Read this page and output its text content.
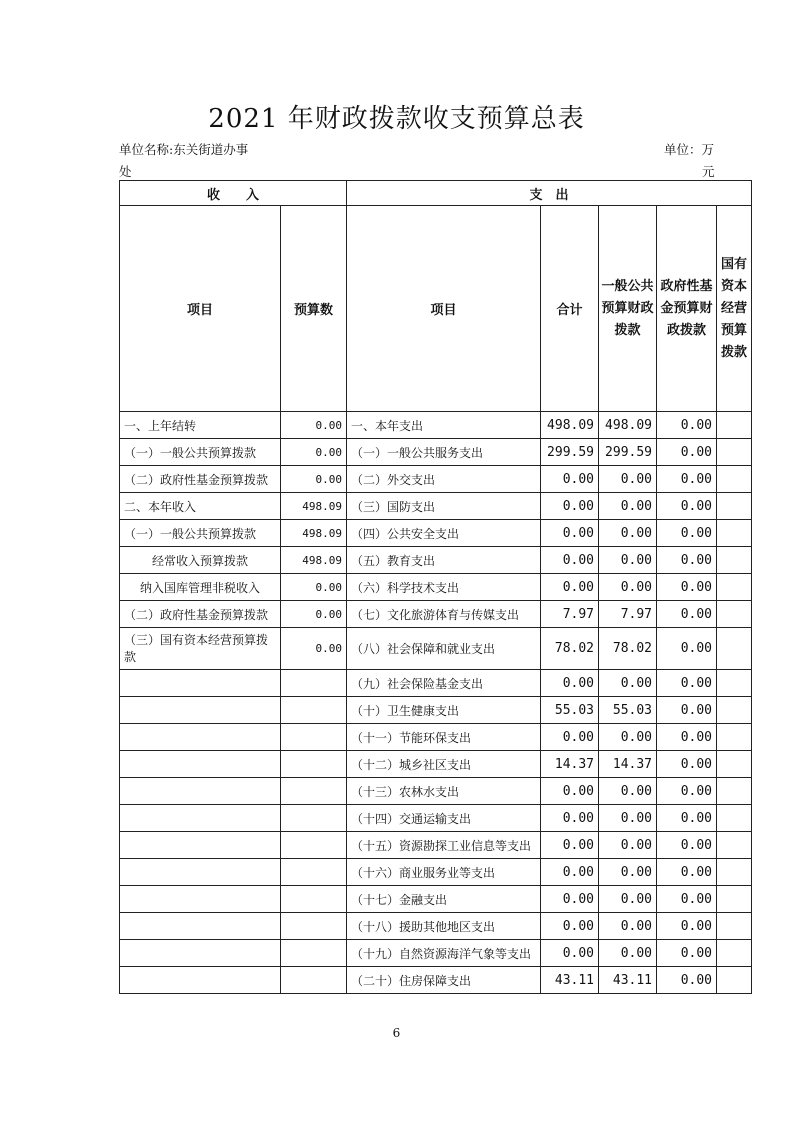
2021 年财政拨款收支预算总表
单位名称:东关街道办事
处
单位：万
元
收　　入		支　出				
项目	预算数	项目	合计	一般公共预算财政拨款	政府性基金预算财政拨款	国有资本经营预算拨款
一、上年结转	0.00	一、本年支出	498.09	498.09	0.00	
（一）一般公共预算拨款	0.00	（一）一般公共服务支出	299.59	299.59	0.00	
（二）政府性基金预算拨款	0.00	（二）外交支出	0.00	0.00	0.00	
二、本年收入	498.09	（三）国防支出	0.00	0.00	0.00	
（一）一般公共预算拨款	498.09	（四）公共安全支出	0.00	0.00	0.00	
经常收入预算拨款	498.09	（五）教育支出	0.00	0.00	0.00	
纳入国库管理非税收入	0.00	（六）科学技术支出	0.00	0.00	0.00	
（二）政府性基金预算拨款	0.00	（七）文化旅游体育与传媒支出	7.97	7.97	0.00	
（三）国有资本经营预算拨款	0.00	（八）社会保障和就业支出	78.02	78.02	0.00	
		（九）社会保险基金支出	0.00	0.00	0.00	
		（十）卫生健康支出	55.03	55.03	0.00	
		（十一）节能环保支出	0.00	0.00	0.00	
		（十二）城乡社区支出	14.37	14.37	0.00	
		（十三）农林水支出	0.00	0.00	0.00	
		（十四）交通运输支出	0.00	0.00	0.00	
		（十五）资源勘探工业信息等支出	0.00	0.00	0.00	
		（十六）商业服务业等支出	0.00	0.00	0.00	
		（十七）金融支出	0.00	0.00	0.00	
		（十八）援助其他地区支出	0.00	0.00	0.00	
		（十九）自然资源海洋气象等支出	0.00	0.00	0.00	
		（二十）住房保障支出	43.11	43.11	0.00	
6
